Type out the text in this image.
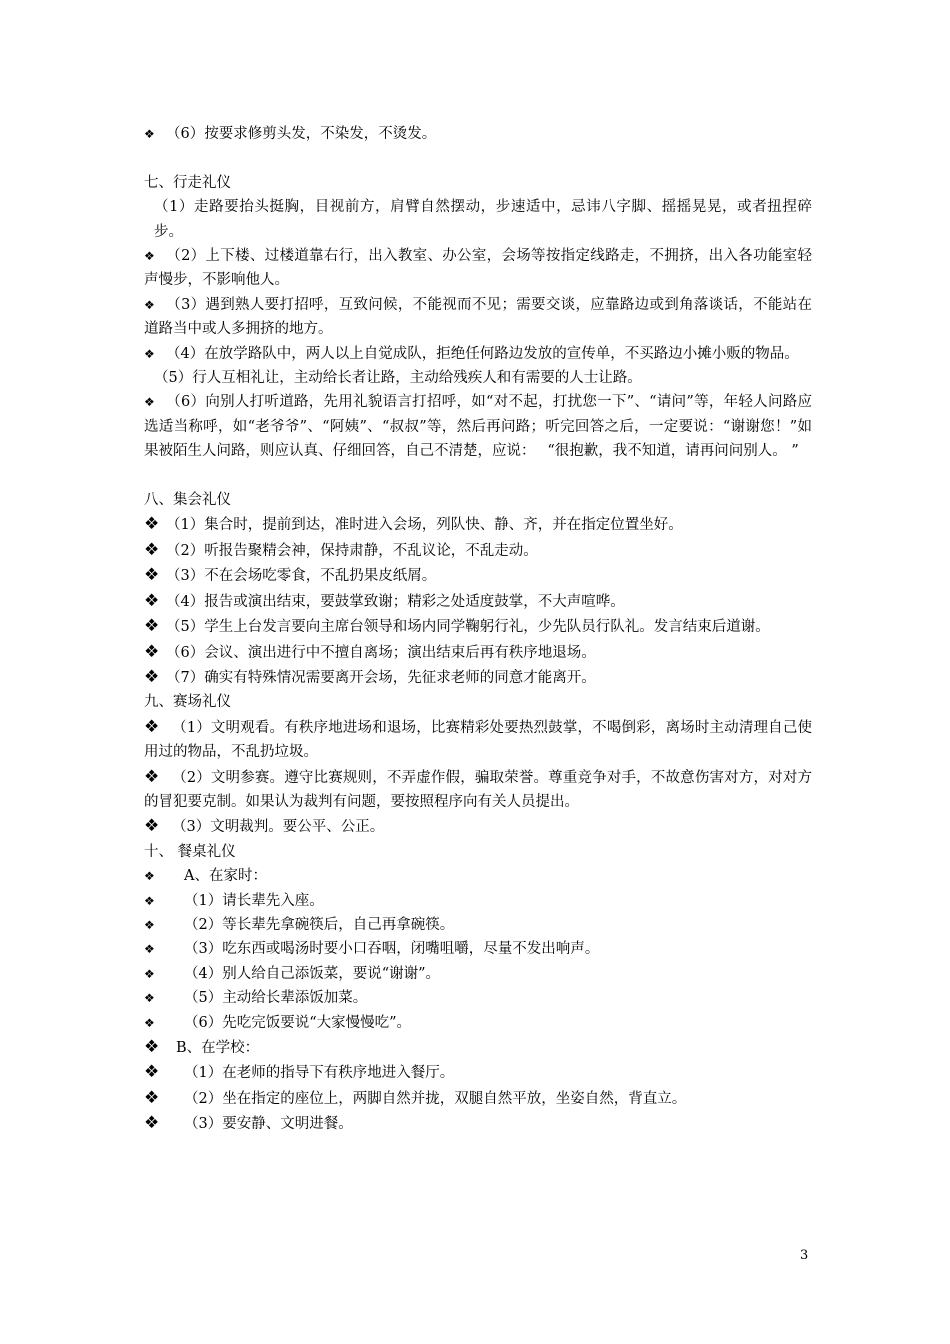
❖ （6）按要求修剪头发，不染发，不烫发。

七、行走礼仪

（1）走路要抬头挺胸，目视前方，肩臂自然摆动，步速适中，忌讳八字脚、摇摇晃晃，或者扭捏碎步。

❖ （2）上下楼、过楼道靠右行，出入教室、办公室，会场等按指定线路走，不拥挤，出入各功能室轻声慢步，不影响他人。

❖ （3）遇到熟人要打招呼，互致问候，不能视而不见；需要交谈，应靠路边或到角落谈话，不能站在道路当中或人多拥挤的地方。

❖ （4）在放学路队中，两人以上自觉成队，拒绝任何路边发放的宣传单，不买路边小摊小贩的物品。

（5）行人互相礼让，主动给长者让路，主动给残疾人和有需要的人士让路。

❖ （6）向别人打听道路，先用礼貌语言打招呼，如“对不起，打扰您一下”、“请问”等，年轻人问路应选适当称呼，如“老爷爷”、“阿姨”、“叔叔”等，然后再问路；听完回答之后，一定要说：“谢谢您！”如果被陌生人问路，则应认真、仔细回答，自己不清楚，应说：　 “很抱歉，我不知道，请再问问别人。 ”

八、集会礼仪

❖ （1）集合时，提前到达，准时进入会场，列队快、静、齐，并在指定位置坐好。

❖ （2）听报告聚精会神，保持肃静，不乱议论，不乱走动。

❖ （3）不在会场吃零食，不乱扔果皮纸屑。

❖ （4）报告或演出结束，要鼓掌致谢；精彩之处适度鼓掌，不大声喧哗。

❖ （5）学生上台发言要向主席台领导和场内同学鞠躬行礼，少先队员行队礼。发言结束后道谢。

❖ （6）会议、演出进行中不擅自离场；演出结束后再有秩序地退场。

❖ （7）确实有特殊情况需要离开会场，先征求老师的同意才能离开。

九、赛场礼仪

❖ （1）文明观看。有秩序地进场和退场，比赛精彩处要热烈鼓掌，不喝倒彩，离场时主动清理自己使用过的物品，不乱扔垃圾。

❖ （2）文明参赛。遵守比赛规则，不弄虚作假，骗取荣誉。尊重竞争对手，不故意伤害对方，对对方的冒犯要克制。如果认为裁判有问题，要按照程序向有关人员提出。

❖ （3）文明裁判。要公平、公正。

十、 餐桌礼仪

❖ A、在家时：

❖ （1）请长辈先入座。

❖ （2）等长辈先拿碗筷后，自己再拿碗筷。

❖ （3）吃东西或喝汤时要小口吞咽，闭嘴咀嚼，尽量不发出响声。

❖ （4）别人给自己添饭菜，要说“谢谢”。

❖ （5）主动给长辈添饭加菜。

❖ （6）先吃完饭要说“大家慢慢吃”。

❖ B、在学校：

❖ （1）在老师的指导下有秩序地进入餐厅。

❖ （2）坐在指定的座位上，两脚自然并拢，双腿自然平放，坐姿自然，背直立。

❖ （3）要安静、文明进餐。

3
